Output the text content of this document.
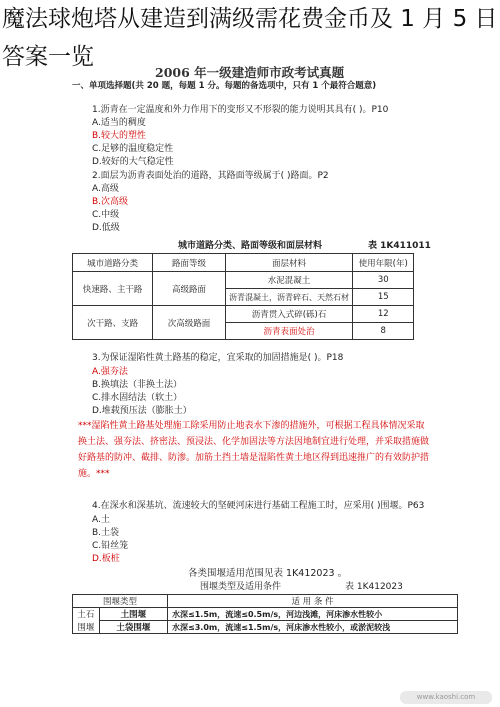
魔法球炮塔从建造到满级需花费金币及 1 月 5 日答案一览
2006 年一级建造师市政考试真题
一、单项选择题(共 20 题，每题 1 分。每题的备选项中，只有 1 个最符合题意)
1.沥青在一定温度和外力作用下的变形又不形裂的能力说明其具有( )。P10
A.适当的稠度
B.较大的塑性
C.足够的温度稳定性
D.较好的大气稳定性
2.面层为沥青表面处治的道路，其路面等级属于( )路面。P2
A.高级
B.次高级
C.中级
D.低级
城市道路分类、路面等级和面层材料	表 1K411011
城市道路分类	路面等级	面层材料	使用年限(年)
快速路、主干路	高级路面	水泥混凝土	30
		沥青混凝土，沥青碎石、天然石材	15
次干路、支路	次高级路面	沥青贯入式碎(砾)石	12
		沥青表面处治	8
3.为保证湿陷性黄土路基的稳定，宜采取的加固措施是( )。P18
A.强夯法
B.换填法（非换土法）
C.排水固结法（软土）
D.堆载预压法（膨胀土）
***湿陷性黄土路基处理施工除采用防止地表水下渗的措施外，可根据工程具体情况采取换土法、强夯法、挤密法、预浸法、化学加固法等方法因地制宜进行处理，并采取措施做好路基的防冲、截排、防渗。加筋土挡土墙是湿陷性黄土地区得到迅速推广的有效防护措施。***
4.在深水和深基坑、流速较大的坚硬河床进行基础工程施工时，应采用( )围堰。P63
A.土
B.土袋
C.铅丝笼
D.板桩
各类围堰适用范围见表 1K412023 。
围堰类型及适用条件	表 1K412023
围堰类型		适 用 条 件
土石	土围堰	水深≤1.5m，流速≤0.5m/s，河边浅滩，河床渗水性较小
围堰	土袋围堰	水深≤3.0m，流速≤1.5m/s，河床渗水性较小，或淤泥较浅
www.kaoshi.com
